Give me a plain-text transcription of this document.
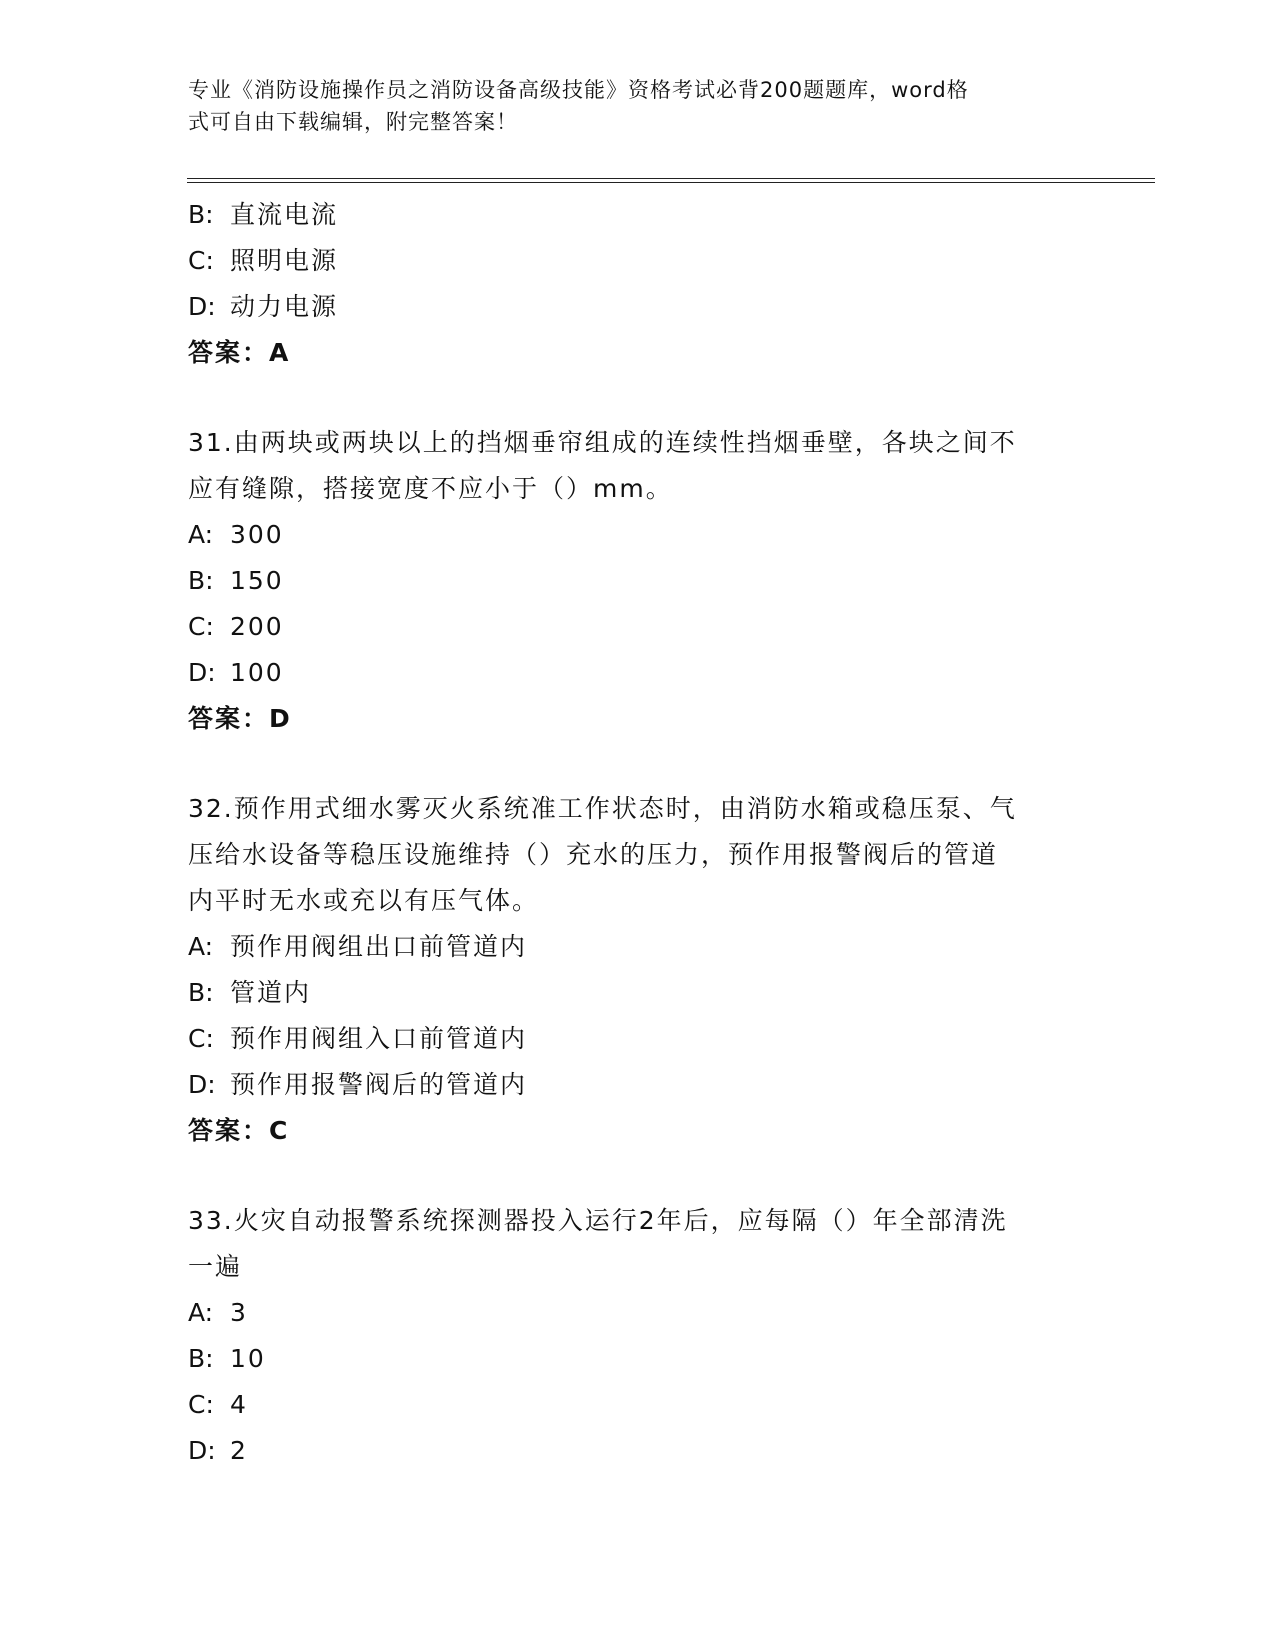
专业《消防设施操作员之消防设备高级技能》资格考试必背200题题库，word格
式可自由下载编辑，附完整答案！
B: 直流电流
C: 照明电源
D: 动力电源
答案：A
31.由两块或两块以上的挡烟垂帘组成的连续性挡烟垂壁，各块之间不
应有缝隙，搭接宽度不应小于（）mm。
A: 300
B: 150
C: 200
D: 100
答案：D
32.预作用式细水雾灭火系统准工作状态时，由消防水箱或稳压泵、气
压给水设备等稳压设施维持（）充水的压力，预作用报警阀后的管道
内平时无水或充以有压气体。
A: 预作用阀组出口前管道内
B: 管道内
C: 预作用阀组入口前管道内
D: 预作用报警阀后的管道内
答案：C
33.火灾自动报警系统探测器投入运行2年后，应每隔（）年全部清洗
一遍
A: 3
B: 10
C: 4
D: 2
